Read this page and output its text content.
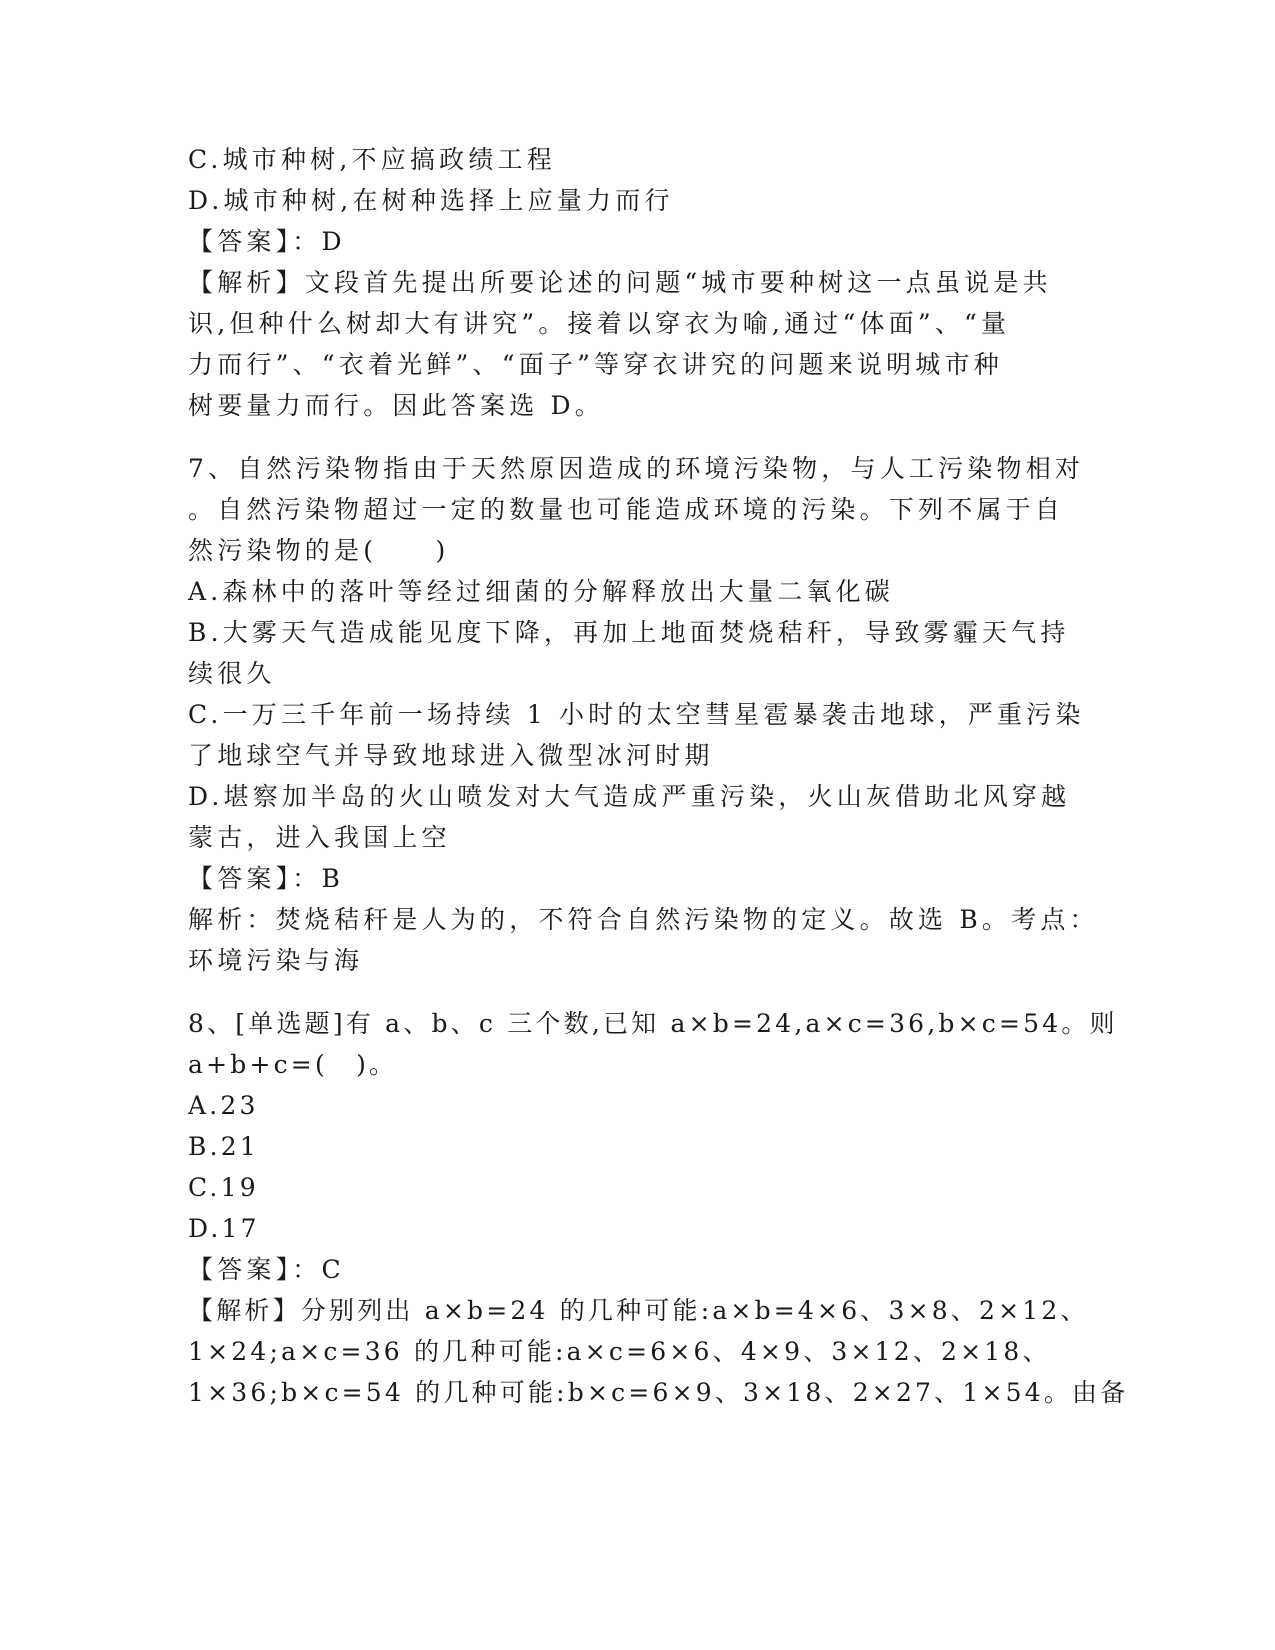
C.城市种树,不应搞政绩工程
D.城市种树,在树种选择上应量力而行
【答案】：D
【解析】文段首先提出所要论述的问题“城市要种树这一点虽说是共
识,但种什么树却大有讲究”。接着以穿衣为喻,通过“体面”、“量
力而行”、“衣着光鲜”、“面子”等穿衣讲究的问题来说明城市种
树要量力而行。因此答案选 D。
7、自然污染物指由于天然原因造成的环境污染物，与人工污染物相对
。自然污染物超过一定的数量也可能造成环境的污染。下列不属于自
然污染物的是(　　)
A.森林中的落叶等经过细菌的分解释放出大量二氧化碳
B.大雾天气造成能见度下降，再加上地面焚烧秸秆，导致雾霾天气持
续很久
C.一万三千年前一场持续 1 小时的太空彗星雹暴袭击地球，严重污染
了地球空气并导致地球进入微型冰河时期
D.堪察加半岛的火山喷发对大气造成严重污染，火山灰借助北风穿越
蒙古，进入我国上空
【答案】：B
解析：焚烧秸秆是人为的，不符合自然污染物的定义。故选 B。考点：
环境污染与海
8、[单选题]有 a、b、c 三个数,已知 a×b=24,a×c=36,b×c=54。则
a+b+c=(　)。
A.23
B.21
C.19
D.17
【答案】：C
【解析】分别列出 a×b=24 的几种可能:a×b=4×6、3×8、2×12、
1×24;a×c=36 的几种可能:a×c=6×6、4×9、3×12、2×18、
1×36;b×c=54 的几种可能:b×c=6×9、3×18、2×27、1×54。由备
